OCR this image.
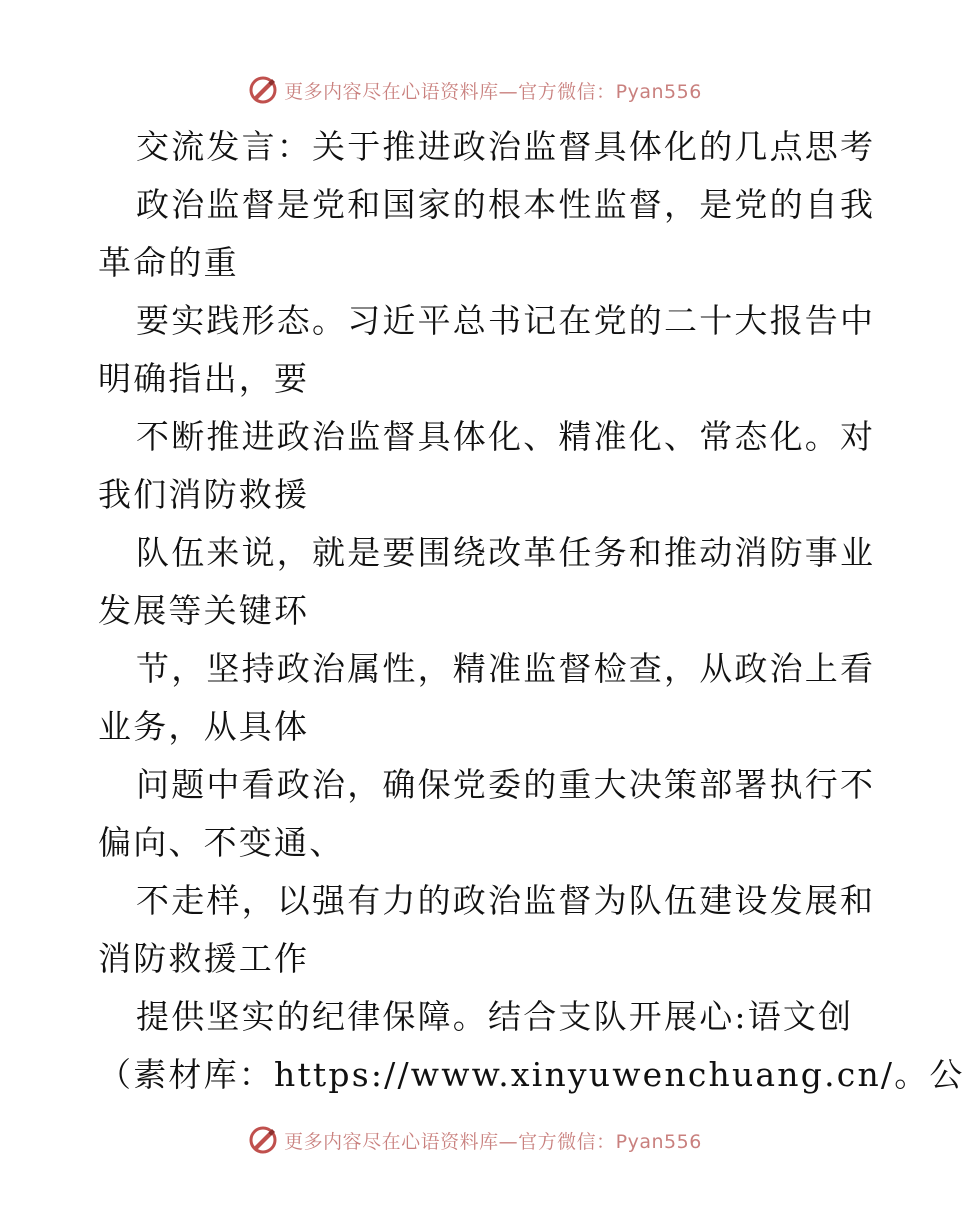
更多内容尽在心语资料库—官方微信：Pyan556
交流发言：关于推进政治监督具体化的几点思考
政治监督是党和国家的根本性监督，是党的自我
革命的重
要实践形态。习近平总书记在党的二十大报告中
明确指出，要
不断推进政治监督具体化、精准化、常态化。对
我们消防救援
队伍来说，就是要围绕改革任务和推动消防事业
发展等关键环
节，坚持政治属性，精准监督检查，从政治上看
业务，从具体
问题中看政治，确保党委的重大决策部署执行不
偏向、不变通、
不走样，以强有力的政治监督为队伍建设发展和
消防救援工作
提供坚实的纪律保障。结合支队开展心:语文创
（素材库：https://www.xinyuwenchuang.cn/。公
更多内容尽在心语资料库—官方微信：Pyan556
